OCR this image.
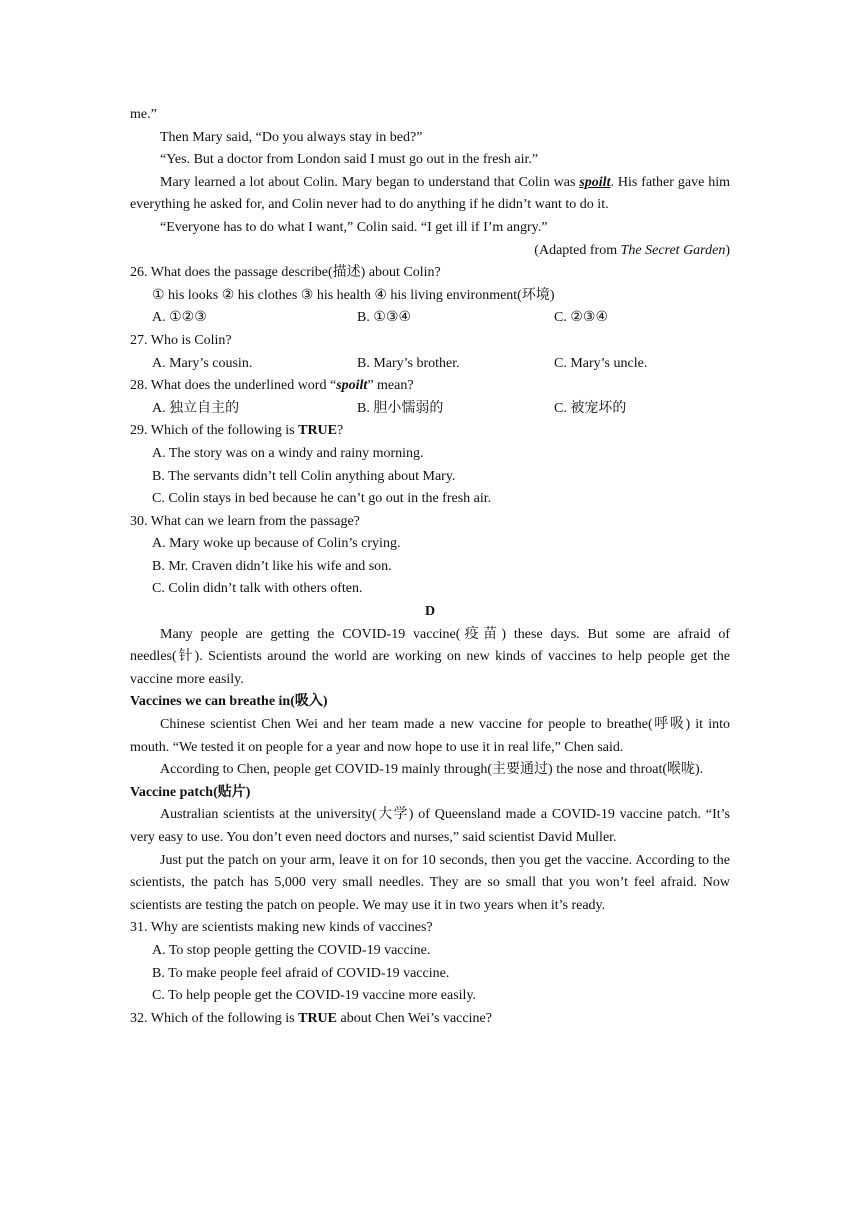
me.”

Then Mary said, “Do you always stay in bed?”

“Yes. But a doctor from London said I must go out in the fresh air.”

Mary learned a lot about Colin. Mary began to understand that Colin was spoilt. His father gave him everything he asked for, and Colin never had to do anything if he didn’t want to do it.

“Everyone has to do what I want,” Colin said. “I get ill if I’m angry.”

(Adapted from The Secret Garden)

26. What does the passage describe(描述) about Colin?

① his looks ② his clothes ③ his health ④ his living environment(环境)

A. ①②③	B. ①③④	C. ②③④

27. Who is Colin?

A. Mary’s cousin.	B. Mary’s brother.	C. Mary’s uncle.

28. What does the underlined word “spoilt” mean?

A. 独立自主的	B. 胆小懦弱的	C. 被宠坏的

29. Which of the following is TRUE?

A. The story was on a windy and rainy morning.

B. The servants didn’t tell Colin anything about Mary.

C. Colin stays in bed because he can’t go out in the fresh air.

30. What can we learn from the passage?

A. Mary woke up because of Colin’s crying.

B. Mr. Craven didn’t like his wife and son.

C. Colin didn’t talk with others often.

D

Many people are getting the COVID-19 vaccine(疫苗) these days. But some are afraid of needles(针). Scientists around the world are working on new kinds of vaccines to help people get the vaccine more easily.

Vaccines we can breathe in(吸入)

Chinese scientist Chen Wei and her team made a new vaccine for people to breathe(呼吸) it into mouth. “We tested it on people for a year and now hope to use it in real life,” Chen said.

According to Chen, people get COVID-19 mainly through(主要通过) the nose and throat(喉咙).

Vaccine patch(贴片)

Australian scientists at the university(大学) of Queensland made a COVID-19 vaccine patch. “It’s very easy to use. You don’t even need doctors and nurses,” said scientist David Muller.

Just put the patch on your arm, leave it on for 10 seconds, then you get the vaccine. According to the scientists, the patch has 5,000 very small needles. They are so small that you won’t feel afraid. Now scientists are testing the patch on people. We may use it in two years when it’s ready.

31. Why are scientists making new kinds of vaccines?

A. To stop people getting the COVID-19 vaccine.

B. To make people feel afraid of COVID-19 vaccine.

C. To help people get the COVID-19 vaccine more easily.

32. Which of the following is TRUE about Chen Wei’s vaccine?
